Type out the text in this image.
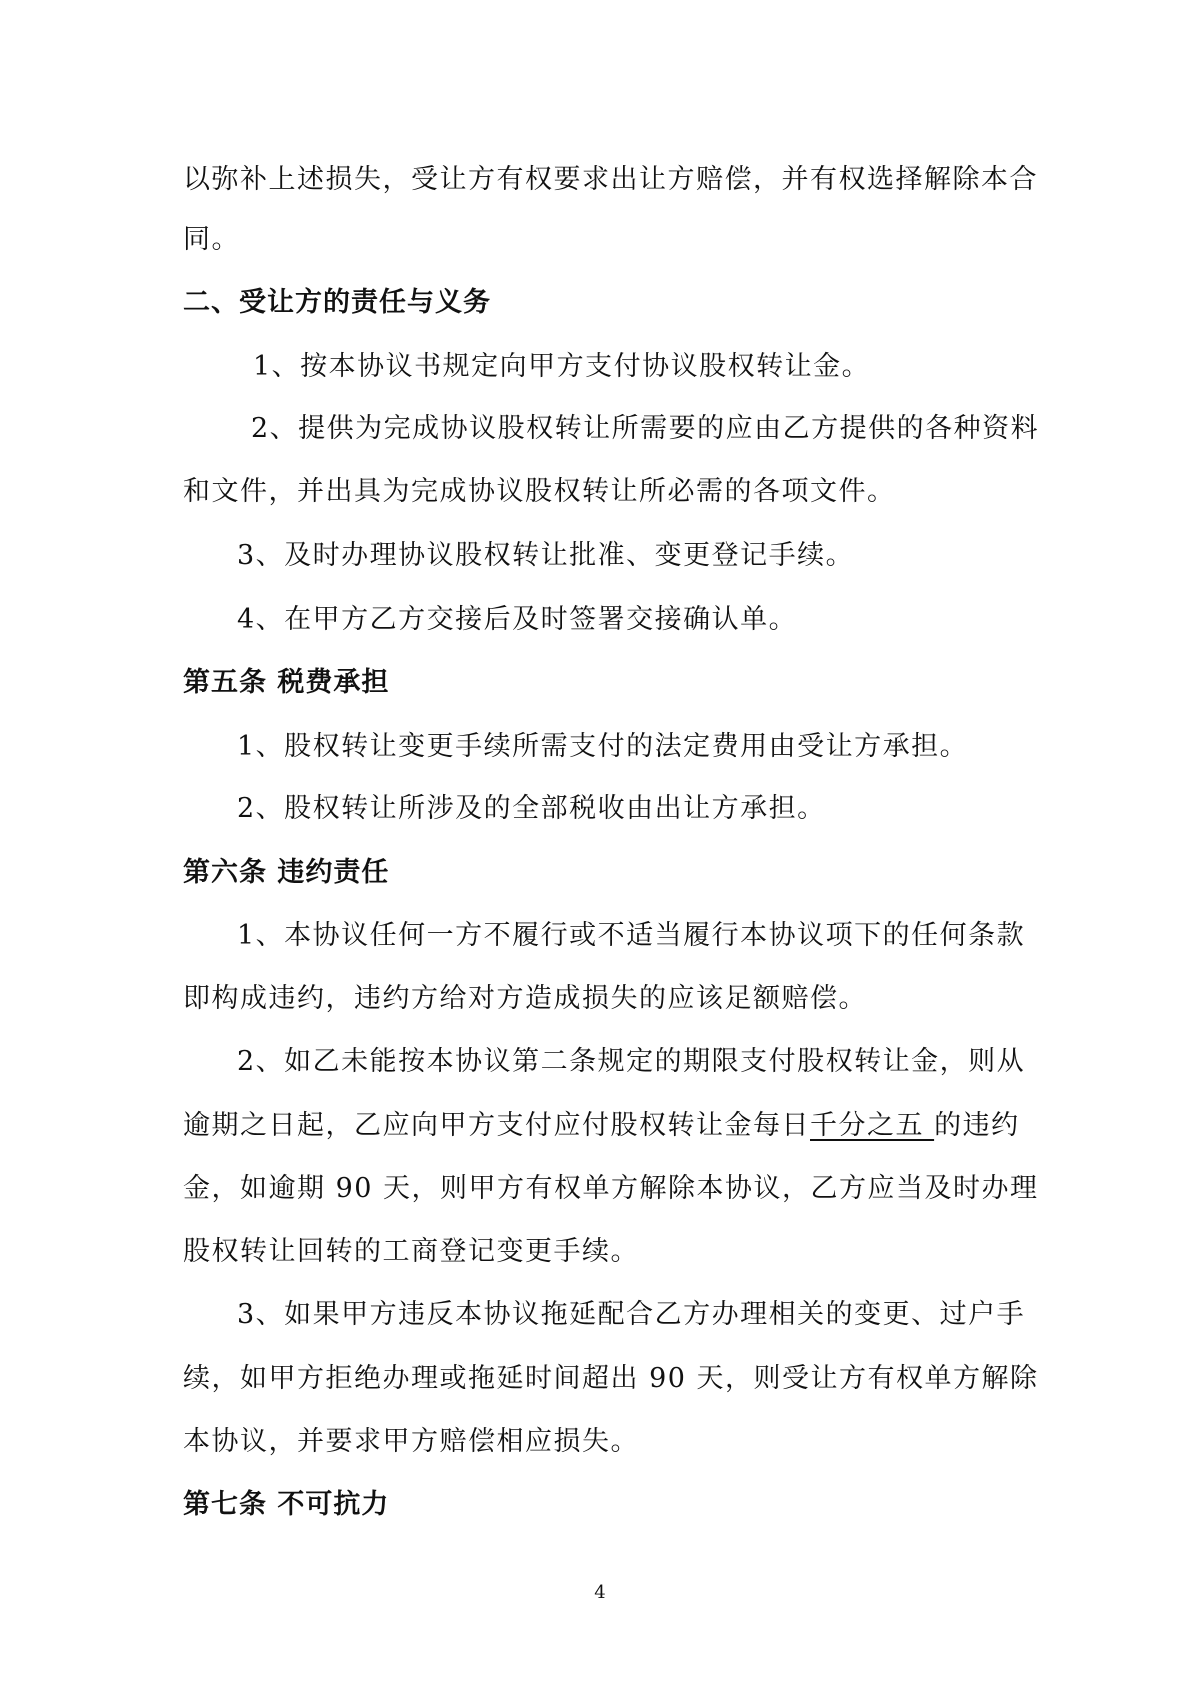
以弥补上述损失，受让方有权要求出让方赔偿，并有权选择解除本合
同。
二、受让方的责任与义务
1、按本协议书规定向甲方支付协议股权转让金。
2、提供为完成协议股权转让所需要的应由乙方提供的各种资料
和文件，并出具为完成协议股权转让所必需的各项文件。
3、及时办理协议股权转让批准、变更登记手续。
4、在甲方乙方交接后及时签署交接确认单。
第五条 税费承担
1、股权转让变更手续所需支付的法定费用由受让方承担。
2、股权转让所涉及的全部税收由出让方承担。
第六条 违约责任
1、本协议任何一方不履行或不适当履行本协议项下的任何条款
即构成违约，违约方给对方造成损失的应该足额赔偿。
2、如乙未能按本协议第二条规定的期限支付股权转让金，则从
逾期之日起，乙应向甲方支付应付股权转让金每日千分之五 的违约
金，如逾期 90 天，则甲方有权单方解除本协议，乙方应当及时办理
股权转让回转的工商登记变更手续。
3、如果甲方违反本协议拖延配合乙方办理相关的变更、过户手
续，如甲方拒绝办理或拖延时间超出 90 天，则受让方有权单方解除
本协议，并要求甲方赔偿相应损失。
第七条 不可抗力
4
